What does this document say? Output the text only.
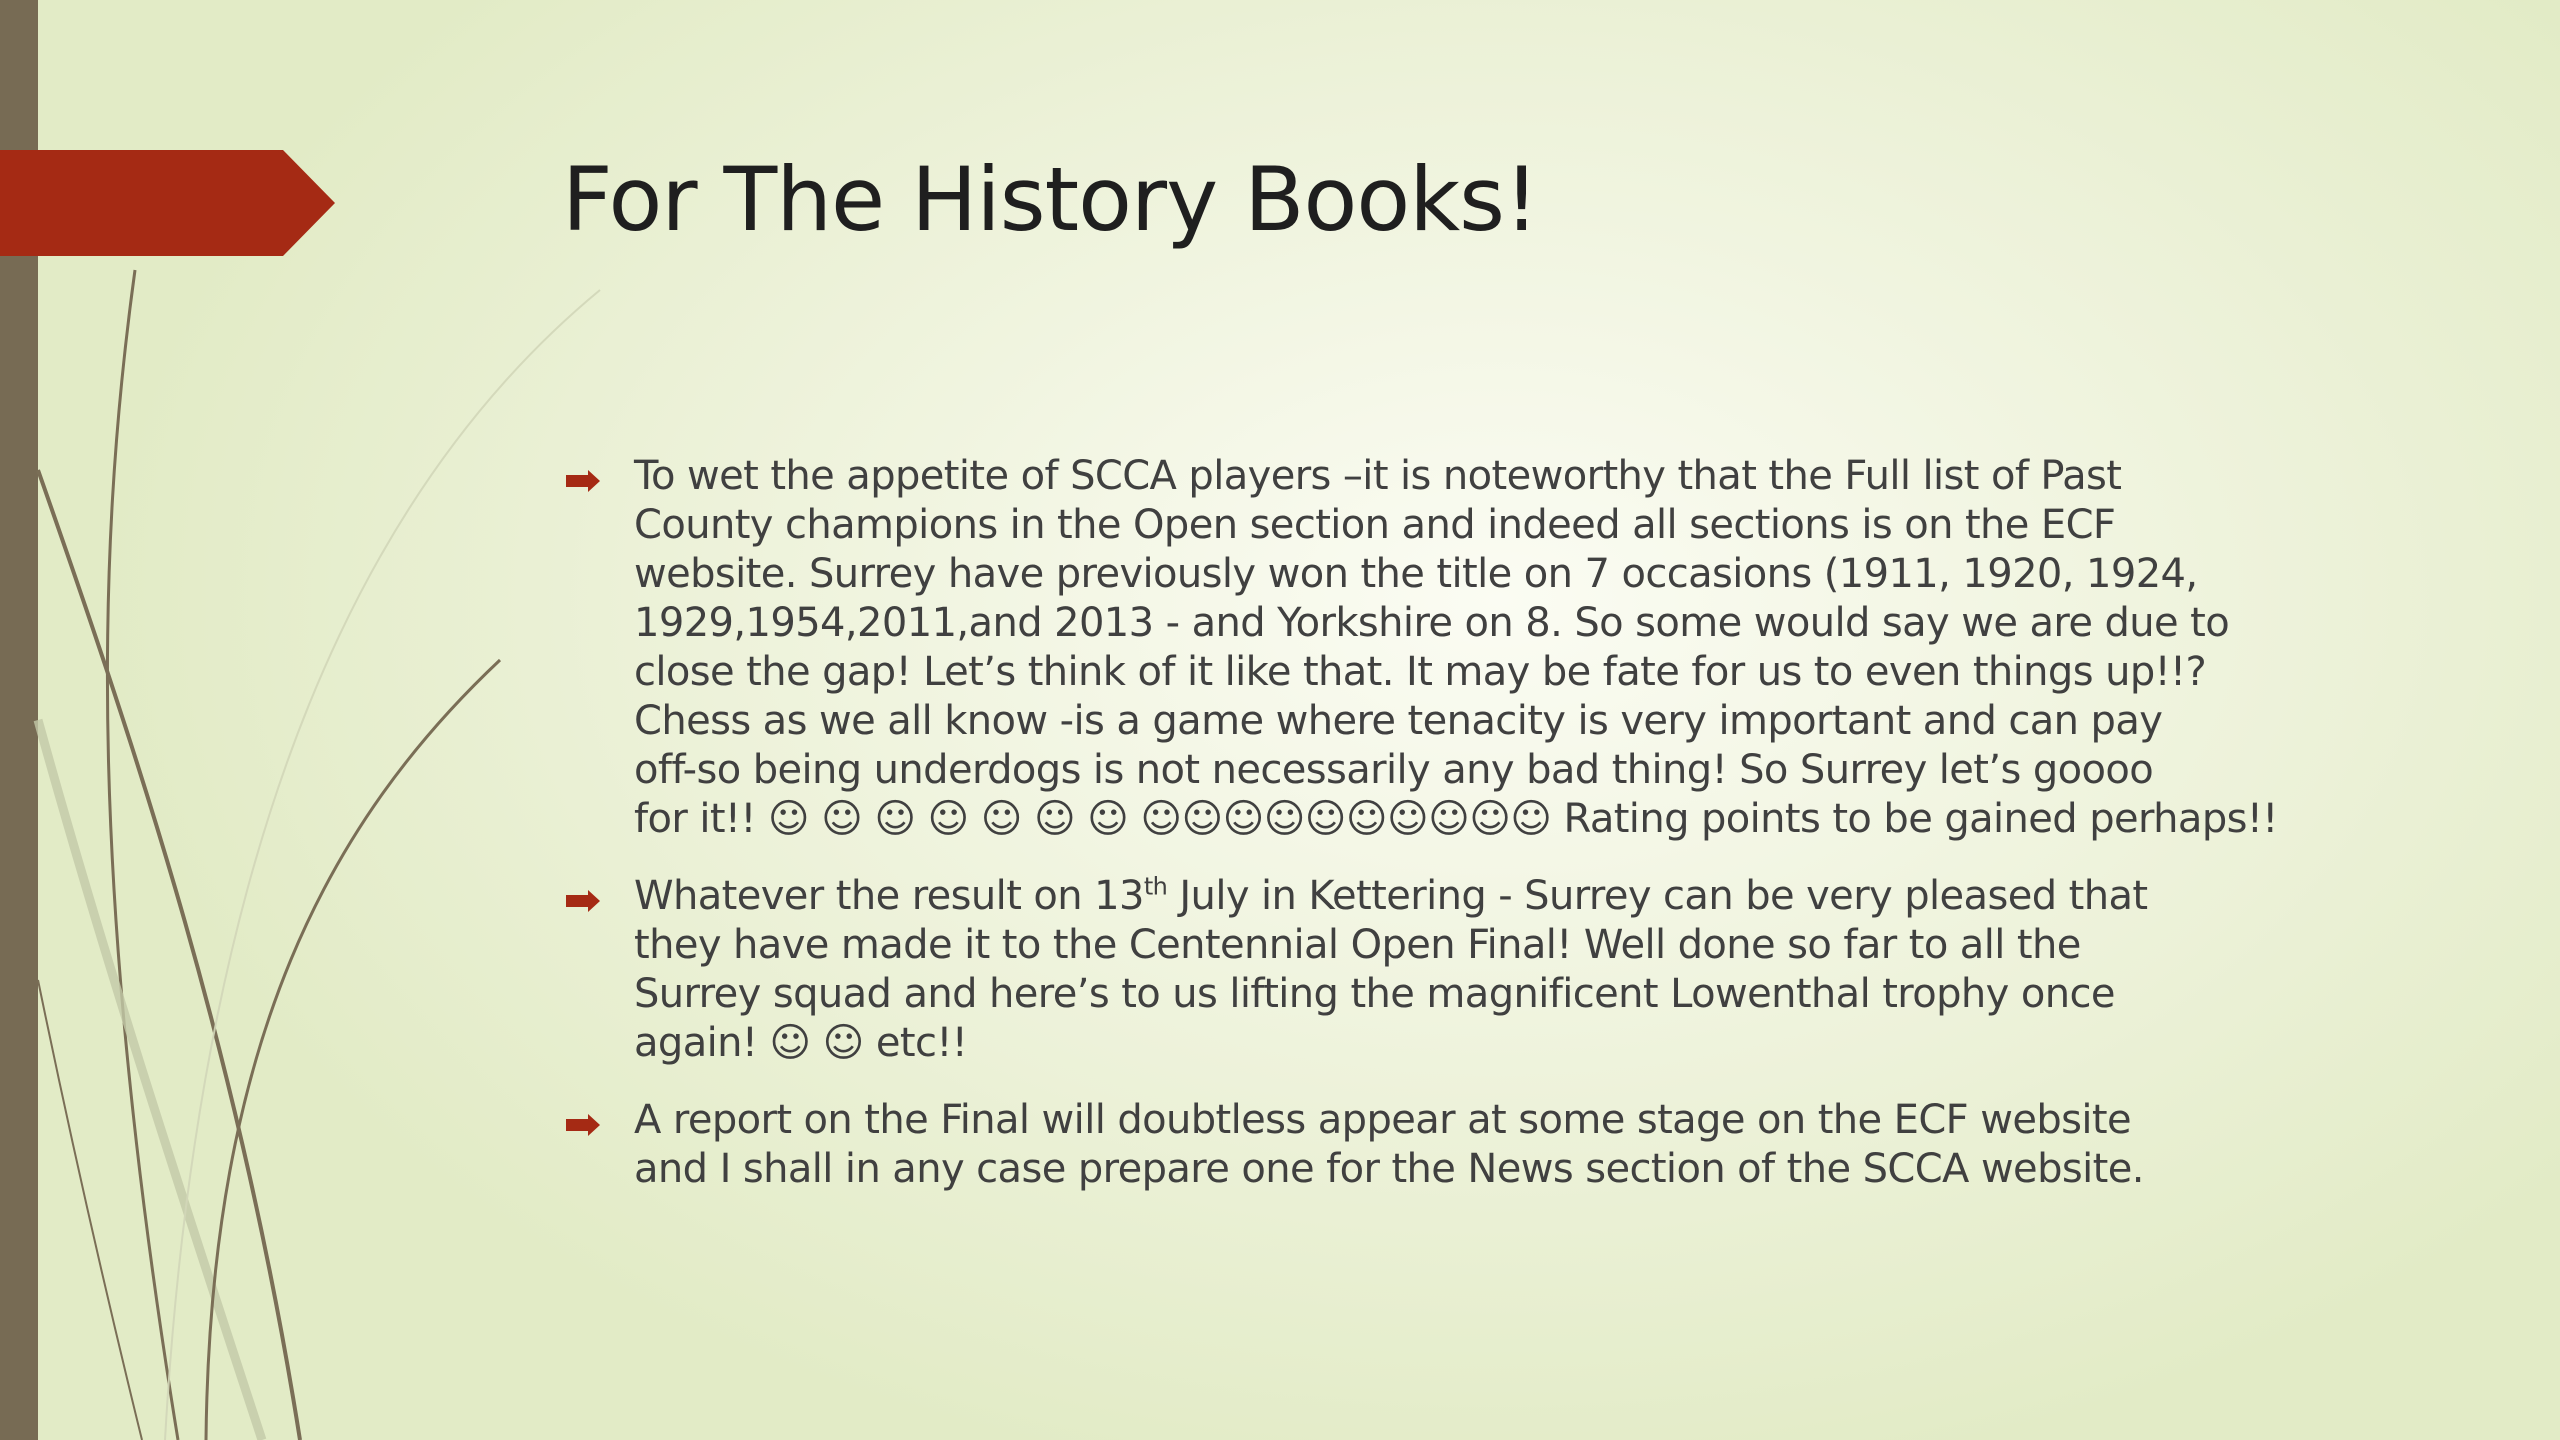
For The History Books!
To wet the appetite of SCCA players –it is noteworthy that the Full list of Past
County champions in the Open section and indeed all sections is on the ECF
website. Surrey have previously won the title on 7 occasions (1911, 1920, 1924,
1929,1954,2011,and 2013 - and Yorkshire on 8. So some would say we are due to
close the gap! Let’s think of it like that. It may be fate for us to even things up!!?
Chess as we all know -is a game where tenacity is very important and can pay
off-so being underdogs is not necessarily any bad thing! So Surrey let’s goooo
for it!! ☺ ☺ ☺ ☺ ☺ ☺ ☺ ☺☺☺☺☺☺☺☺☺☺ Rating points to be gained perhaps!!
Whatever the result on 13th July in Kettering - Surrey can be very pleased that
they have made it to the Centennial Open Final! Well done so far to all the
Surrey squad and here’s to us lifting the magnificent Lowenthal trophy once
again! ☺ ☺ etc!!
A report on the Final will doubtless appear at some stage on the ECF website
and I shall in any case prepare one for the News section of the SCCA website.
